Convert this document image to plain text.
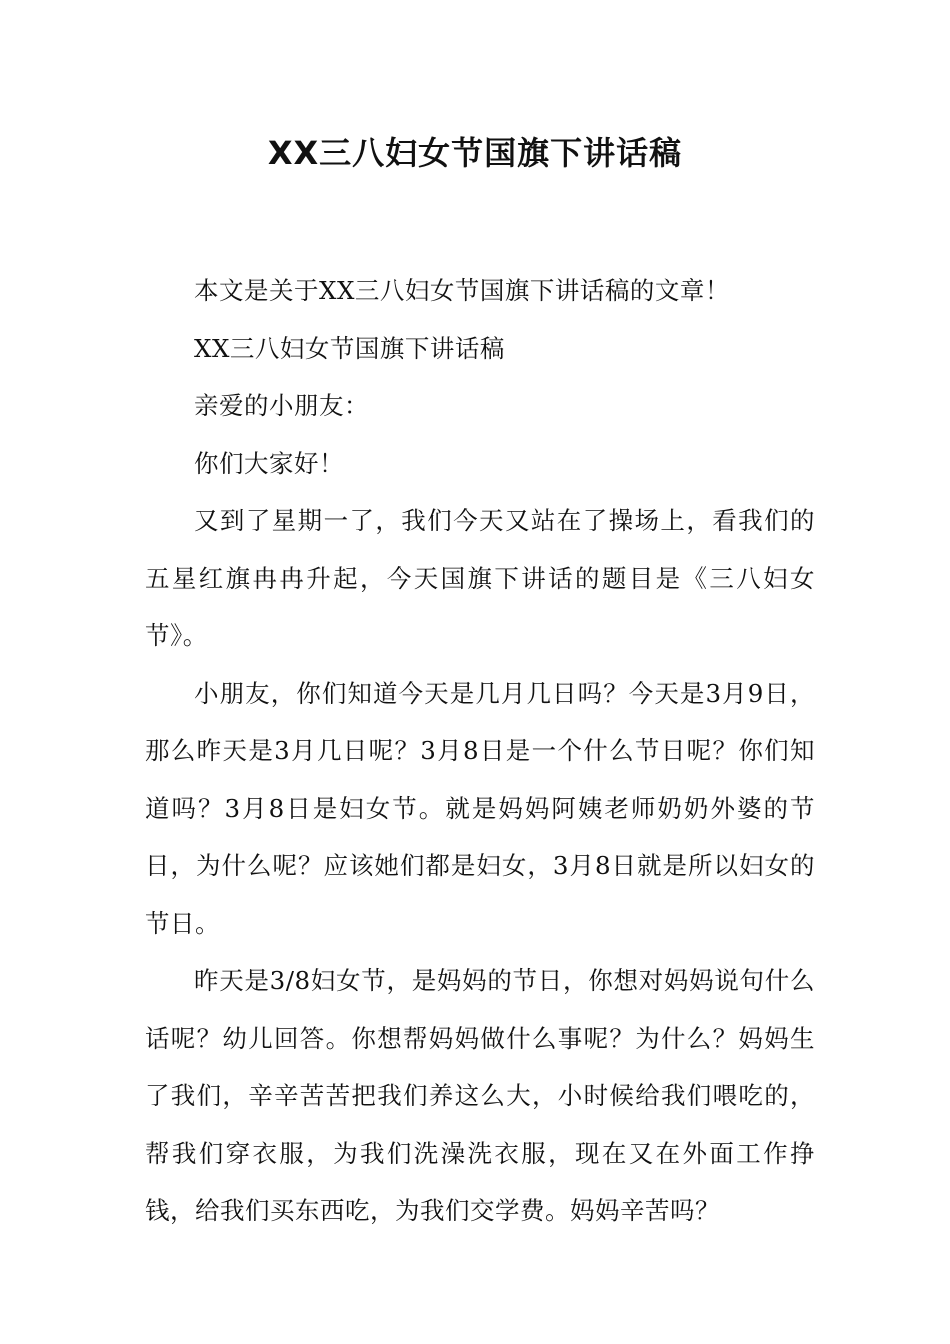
XX三八妇女节国旗下讲话稿

本文是关于XX三八妇女节国旗下讲话稿的文章！

XX三八妇女节国旗下讲话稿

亲爱的小朋友：

你们大家好！

又到了星期一了，我们今天又站在了操场上，看我们的五星红旗冉冉升起，今天国旗下讲话的题目是《三八妇女节》。

小朋友，你们知道今天是几月几日吗？今天是3月9日，那么昨天是3月几日呢？3月8日是一个什么节日呢？你们知道吗？3月8日是妇女节。就是妈妈阿姨老师奶奶外婆的节日，为什么呢？应该她们都是妇女，3月8日就是所以妇女的节日。

昨天是3/8妇女节，是妈妈的节日，你想对妈妈说句什么话呢？幼儿回答。你想帮妈妈做什么事呢？为什么？妈妈生了我们，辛辛苦苦把我们养这么大，小时候给我们喂吃的，帮我们穿衣服，为我们洗澡洗衣服，现在又在外面工作挣钱，给我们买东西吃，为我们交学费。妈妈辛苦吗？
